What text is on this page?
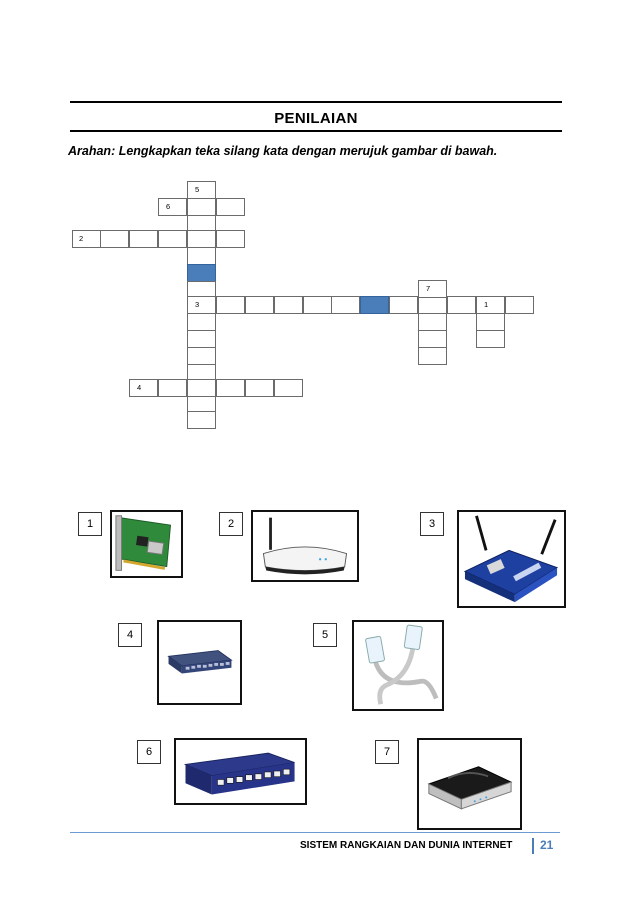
PENILAIAN
Arahan: Lengkapkan teka silang kata dengan merujuk gambar di bawah.
5
6
2
7
3	1
4
1	2	3
4	5
6	7
SISTEM RANGKAIAN DAN DUNIA INTERNET 21
